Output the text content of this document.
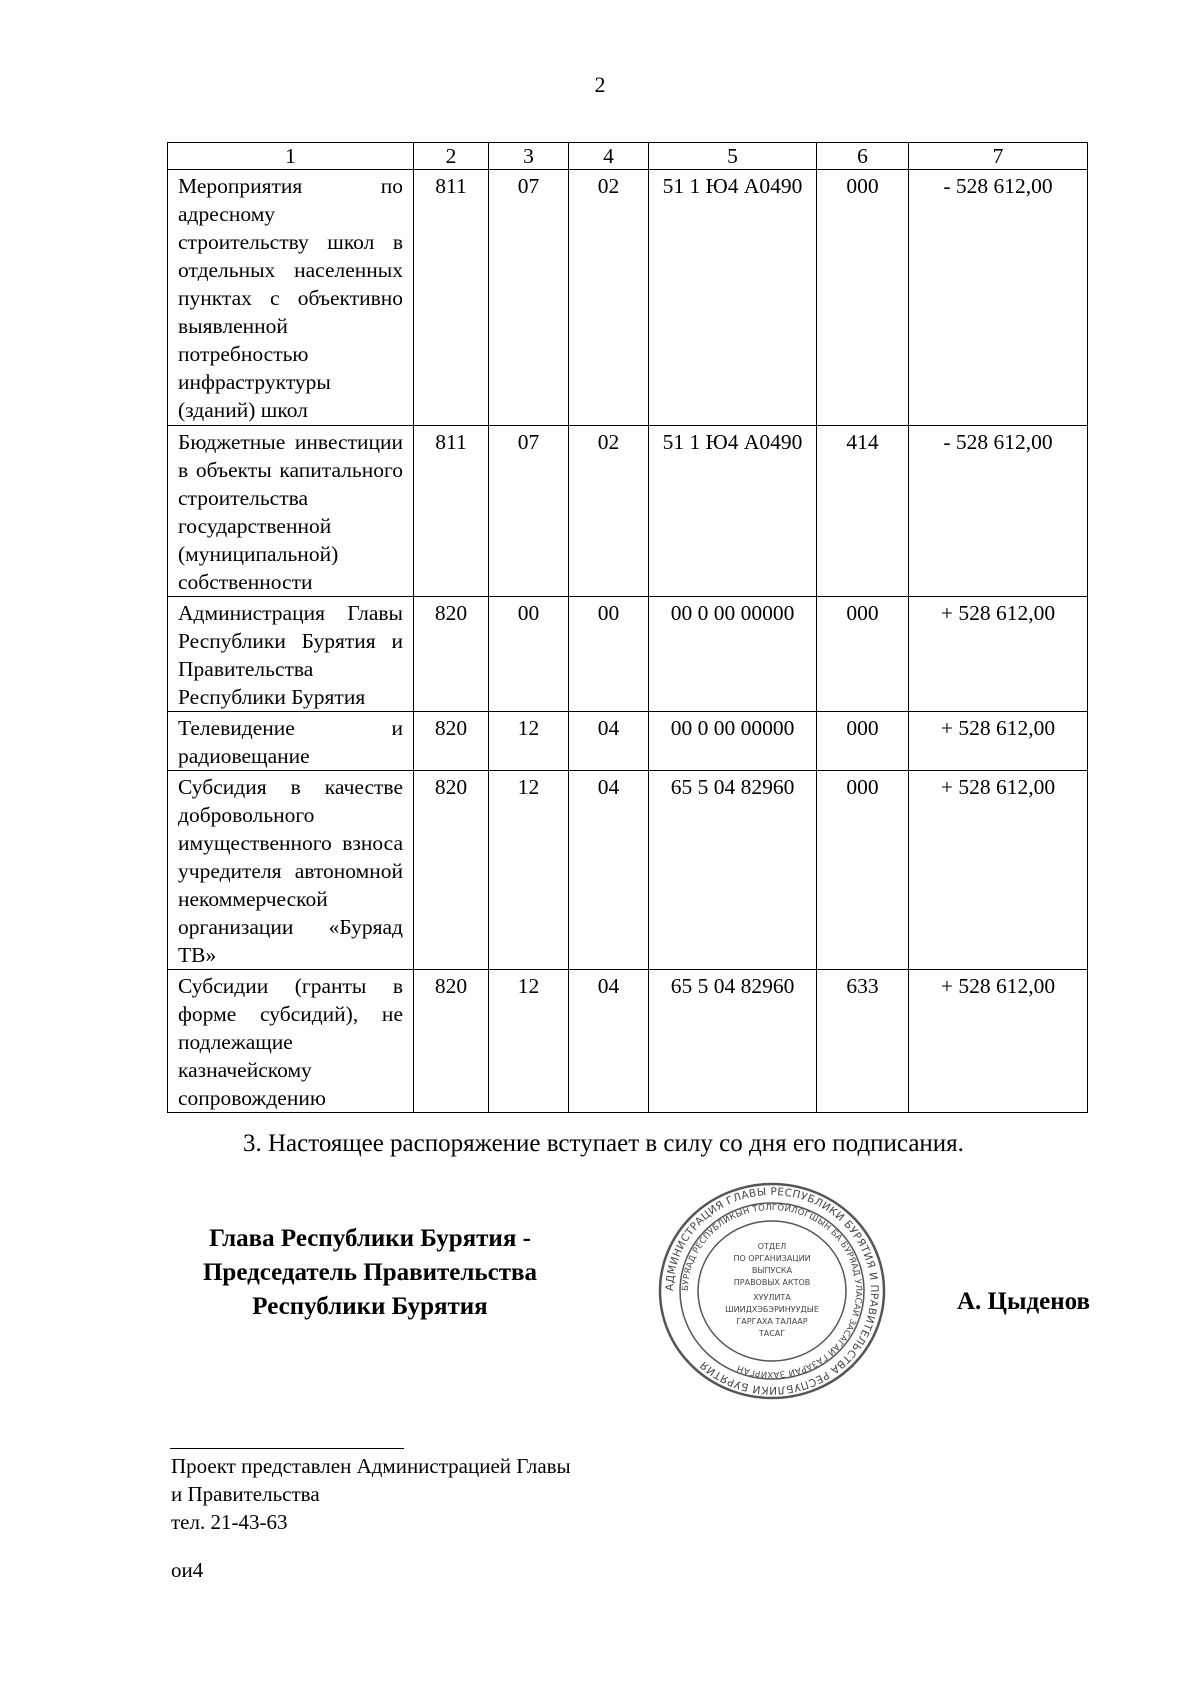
2
1	2	3	4	5	6	7
Мероприятия по адресному строительству школ в отдельных населенных пунктах с объективно выявленной потребностью инфраструктуры (зданий) школ	811	07	02	51 1 Ю4 А0490	000	- 528 612,00
Бюджетные инвестиции в объекты капитального строительства государственной (муниципальной) собственности	811	07	02	51 1 Ю4 А0490	414	- 528 612,00
Администрация Главы Республики Бурятия и Правительства Республики Бурятия	820	00	00	00 0 00 00000	000	+ 528 612,00
Телевидение и радиовещание	820	12	04	00 0 00 00000	000	+ 528 612,00
Субсидия в качестве добровольного имущественного взноса учредителя автономной некоммерческой организации «Буряад ТВ»	820	12	04	65 5 04 82960	000	+ 528 612,00
Субсидии (гранты в форме субсидий), не подлежащие казначейскому сопровождению	820	12	04	65 5 04 82960	633	+ 528 612,00
3. Настоящее распоряжение вступает в силу со дня его подписания.
Глава Республики Бурятия -
Председатель Правительства
Республики Бурятия	А. Цыденов
АДМИНИСТРАЦИЯ ГЛАВЫ РЕСПУБЛИКИ БУРЯТИЯ И ПРАВИТЕЛЬСТВА РЕСПУБЛИКИ БУРЯТИЯ
БУРЯАД РЕСПУБЛИКЫН ТОЛГОЙЛОГШЫН БА БУРЯАД УЛАСАЙ ЗАСАГАЙ ГАЗАРАЙ ЗАХИРГАН
ОТДЕЛ
ПО ОРГАНИЗАЦИИ
ВЫПУСКА
ПРАВОВЫХ АКТОВ
ХУУЛИТА
ШИИДХЭБЭРИНУУДЫЕ
ГАРГАХА ТАЛААР
ТАСАГ
Проект представлен Администрацией Главы
и Правительства
тел. 21-43-63
ои4
